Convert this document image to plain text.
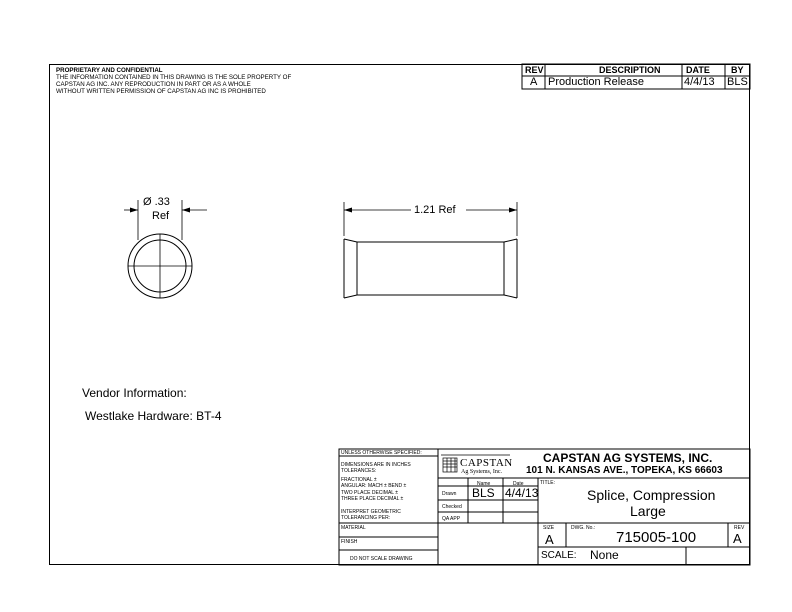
PROPRIETARY AND CONFIDENTIAL
THE INFORMATION CONTAINED IN THIS DRAWING IS THE SOLE PROPERTY OF
CAPSTAN AG INC. ANY REPRODUCTION IN PART OR AS A WHOLE
WITHOUT WRITTEN PERMISSION OF CAPSTAN AG INC IS PROHIBITED
REV	DESCRIPTION	DATE BY
A Production Release	4/4/13 BLS
Ø .33
Ref	1.21 Ref
Vendor Information:
Westlake Hardware: BT-4
UNLESS OTHERWISE SPECIFIED:
DIMENSIONS ARE IN INCHES
TOLERANCES:
FRACTIONAL ±
ANGULAR: MACH ± BEND ±
TWO PLACE DECIMAL ±
THREE PLACE DECIMAL ±
INTERPRET GEOMETRIC
TOLERANCING PER:
MATERIAL
FINISH
DO NOT SCALE DRAWING
CAPSTAN
Ag Systems, Inc.
Name	Date
Drawn BLS 4/4/13
Checked
QA APP
CAPSTAN AG SYSTEMS, INC.
101 N. KANSAS AVE., TOPEKA, KS 66603
TITLE:
Splice, Compression
Large
SIZE
A
DWG. No.:
715005-100
REV
A
SCALE: None
